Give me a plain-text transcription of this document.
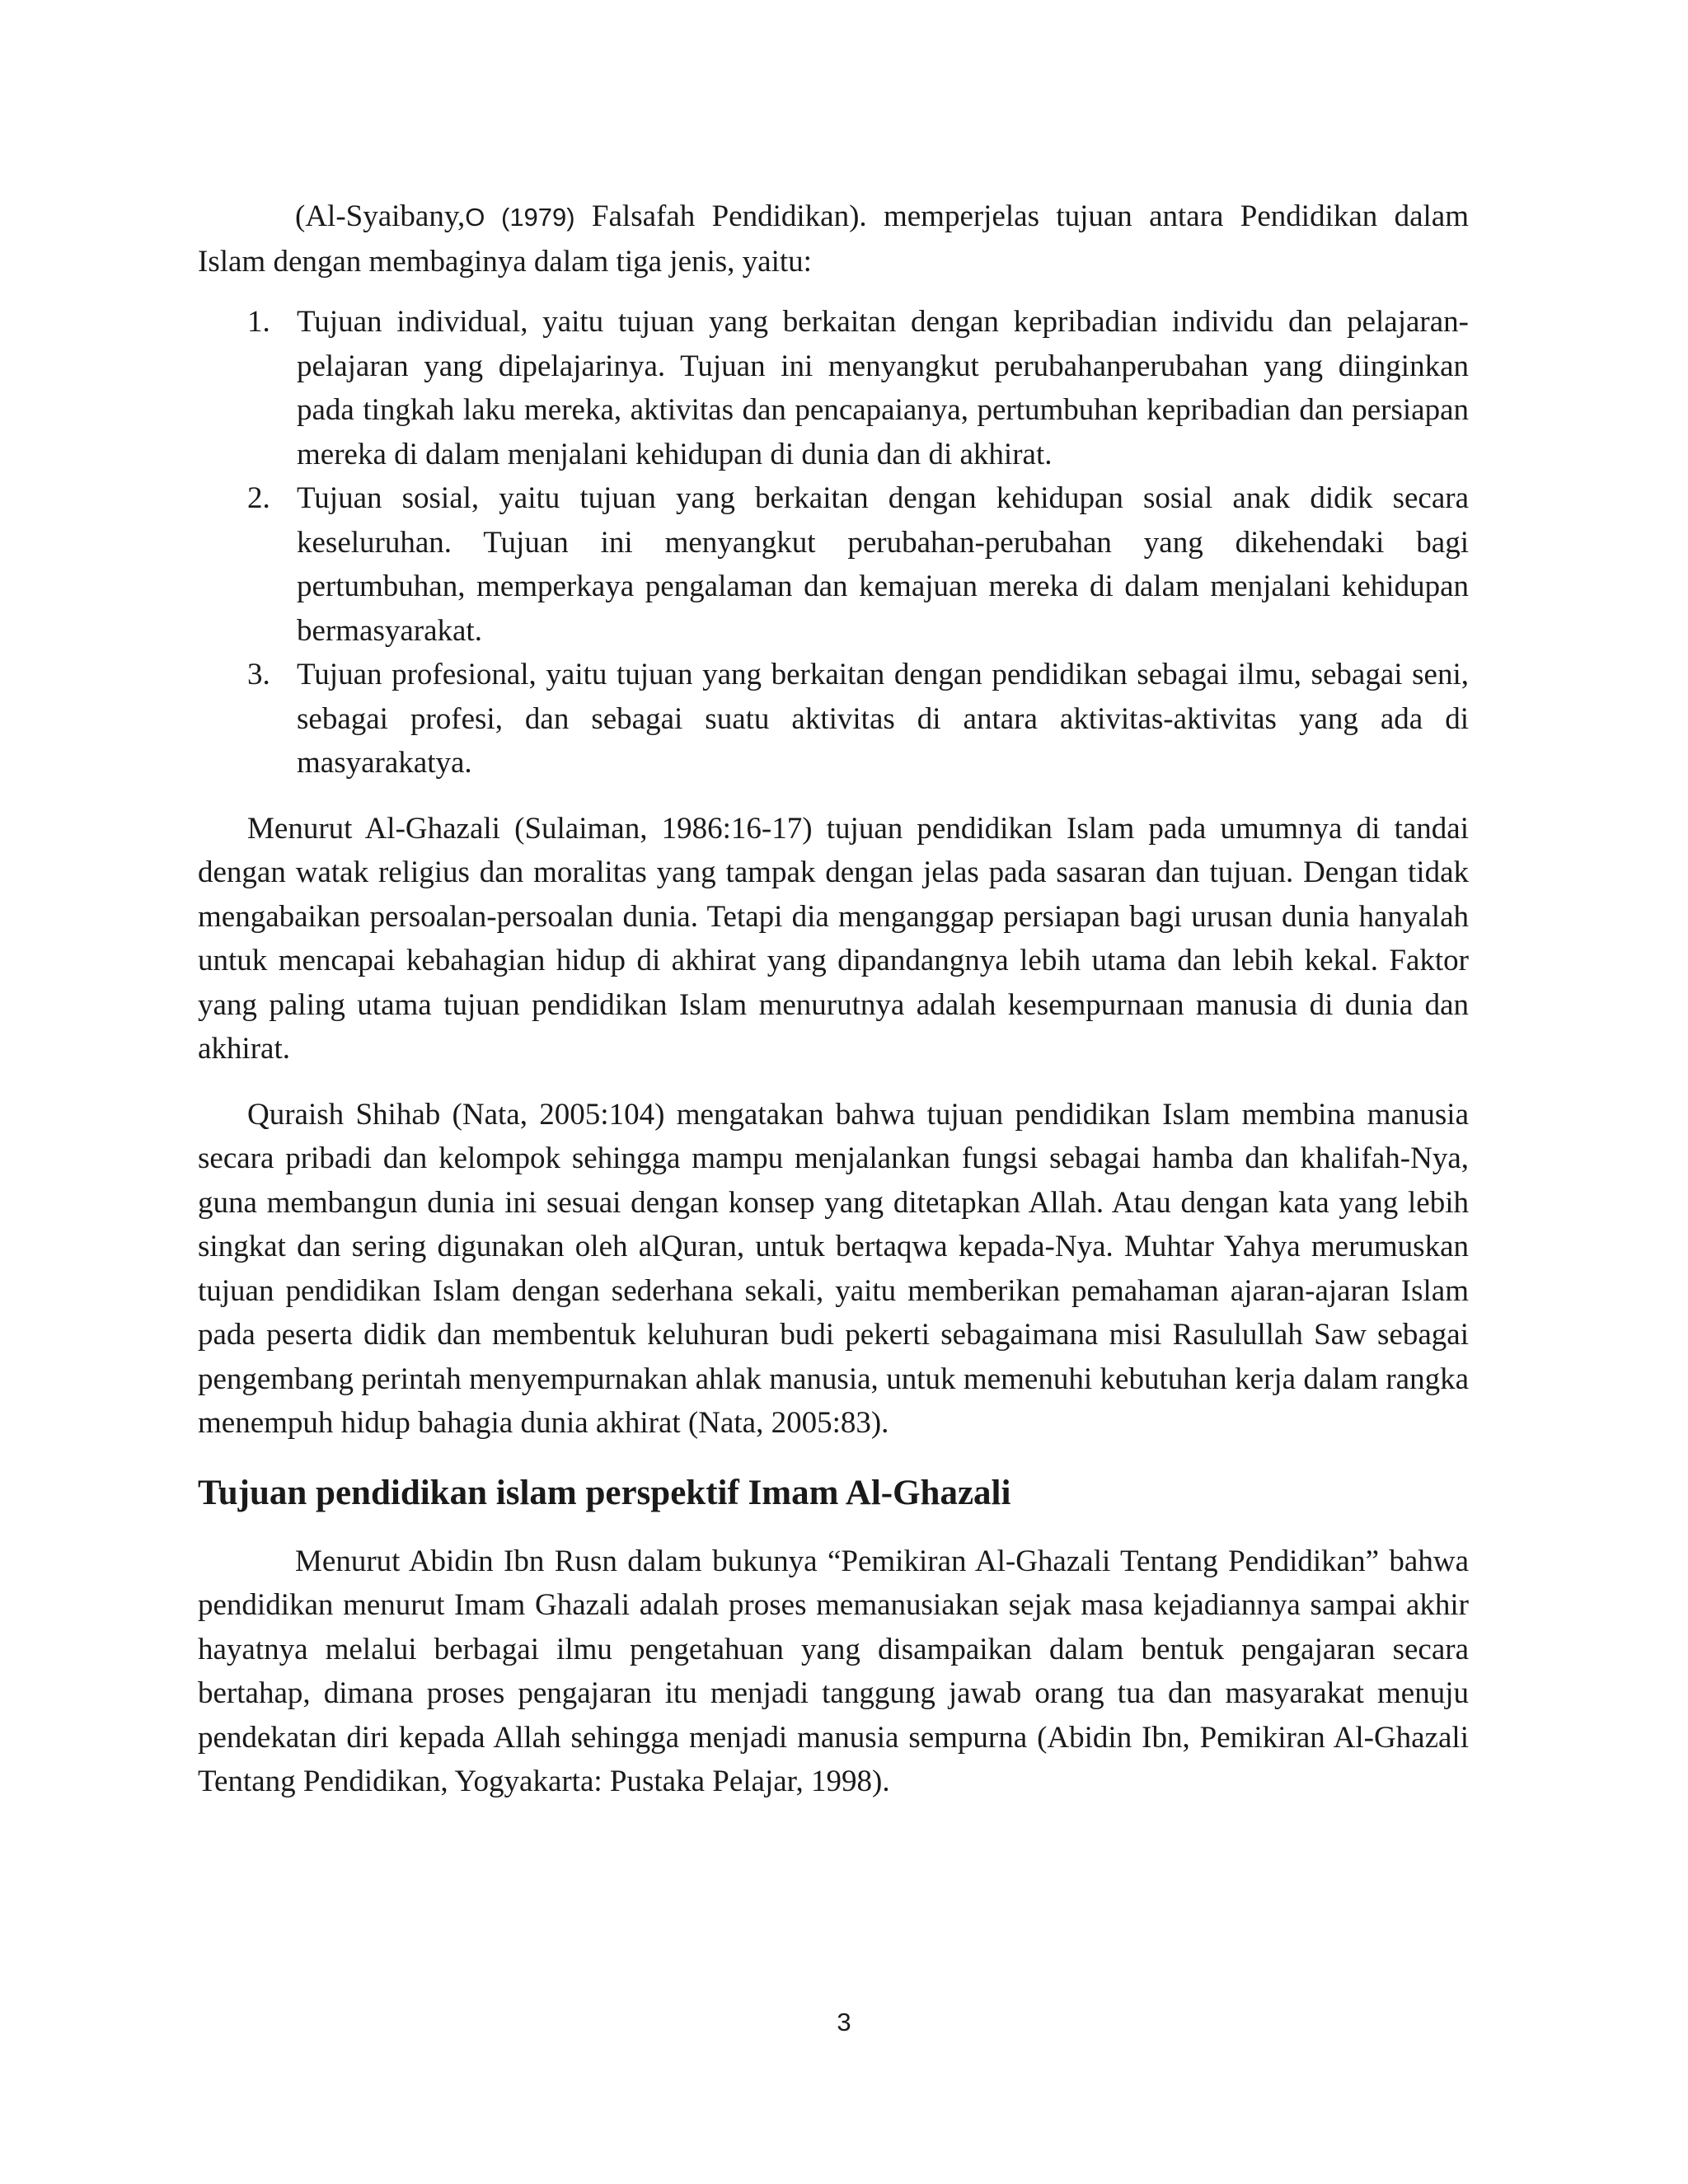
(Al-Syaibany,O (1979) Falsafah Pendidikan). memperjelas tujuan antara Pendidikan dalam Islam dengan membaginya dalam tiga jenis, yaitu:

1. Tujuan individual, yaitu tujuan yang berkaitan dengan kepribadian individu dan pelajaran-pelajaran yang dipelajarinya. Tujuan ini menyangkut perubahanperubahan yang diinginkan pada tingkah laku mereka, aktivitas dan pencapaianya, pertumbuhan kepribadian dan persiapan mereka di dalam menjalani kehidupan di dunia dan di akhirat.
2. Tujuan sosial, yaitu tujuan yang berkaitan dengan kehidupan sosial anak didik secara keseluruhan. Tujuan ini menyangkut perubahan-perubahan yang dikehendaki bagi pertumbuhan, memperkaya pengalaman dan kemajuan mereka di dalam menjalani kehidupan bermasyarakat.
3. Tujuan profesional, yaitu tujuan yang berkaitan dengan pendidikan sebagai ilmu, sebagai seni, sebagai profesi, dan sebagai suatu aktivitas di antara aktivitas-aktivitas yang ada di masyarakatya.

Menurut Al-Ghazali (Sulaiman, 1986:16-17) tujuan pendidikan Islam pada umumnya di tandai dengan watak religius dan moralitas yang tampak dengan jelas pada sasaran dan tujuan. Dengan tidak mengabaikan persoalan-persoalan dunia. Tetapi dia menganggap persiapan bagi urusan dunia hanyalah untuk mencapai kebahagian hidup di akhirat yang dipandangnya lebih utama dan lebih kekal. Faktor yang paling utama tujuan pendidikan Islam menurutnya adalah kesempurnaan manusia di dunia dan akhirat.

Quraish Shihab (Nata, 2005:104) mengatakan bahwa tujuan pendidikan Islam membina manusia secara pribadi dan kelompok sehingga mampu menjalankan fungsi sebagai hamba dan khalifah-Nya, guna membangun dunia ini sesuai dengan konsep yang ditetapkan Allah. Atau dengan kata yang lebih singkat dan sering digunakan oleh alQuran, untuk bertaqwa kepada-Nya. Muhtar Yahya merumuskan tujuan pendidikan Islam dengan sederhana sekali, yaitu memberikan pemahaman ajaran-ajaran Islam pada peserta didik dan membentuk keluhuran budi pekerti sebagaimana misi Rasulullah Saw sebagai pengembang perintah menyempurnakan ahlak manusia, untuk memenuhi kebutuhan kerja dalam rangka menempuh hidup bahagia dunia akhirat (Nata, 2005:83).

Tujuan pendidikan islam perspektif Imam Al-Ghazali

Menurut Abidin Ibn Rusn dalam bukunya “Pemikiran Al-Ghazali Tentang Pendidikan” bahwa pendidikan menurut Imam Ghazali adalah proses memanusiakan sejak masa kejadiannya sampai akhir hayatnya melalui berbagai ilmu pengetahuan yang disampaikan dalam bentuk pengajaran secara bertahap, dimana proses pengajaran itu menjadi tanggung jawab orang tua dan masyarakat menuju pendekatan diri kepada Allah sehingga menjadi manusia sempurna (Abidin Ibn, Pemikiran Al-Ghazali Tentang Pendidikan, Yogyakarta: Pustaka Pelajar, 1998).

3
